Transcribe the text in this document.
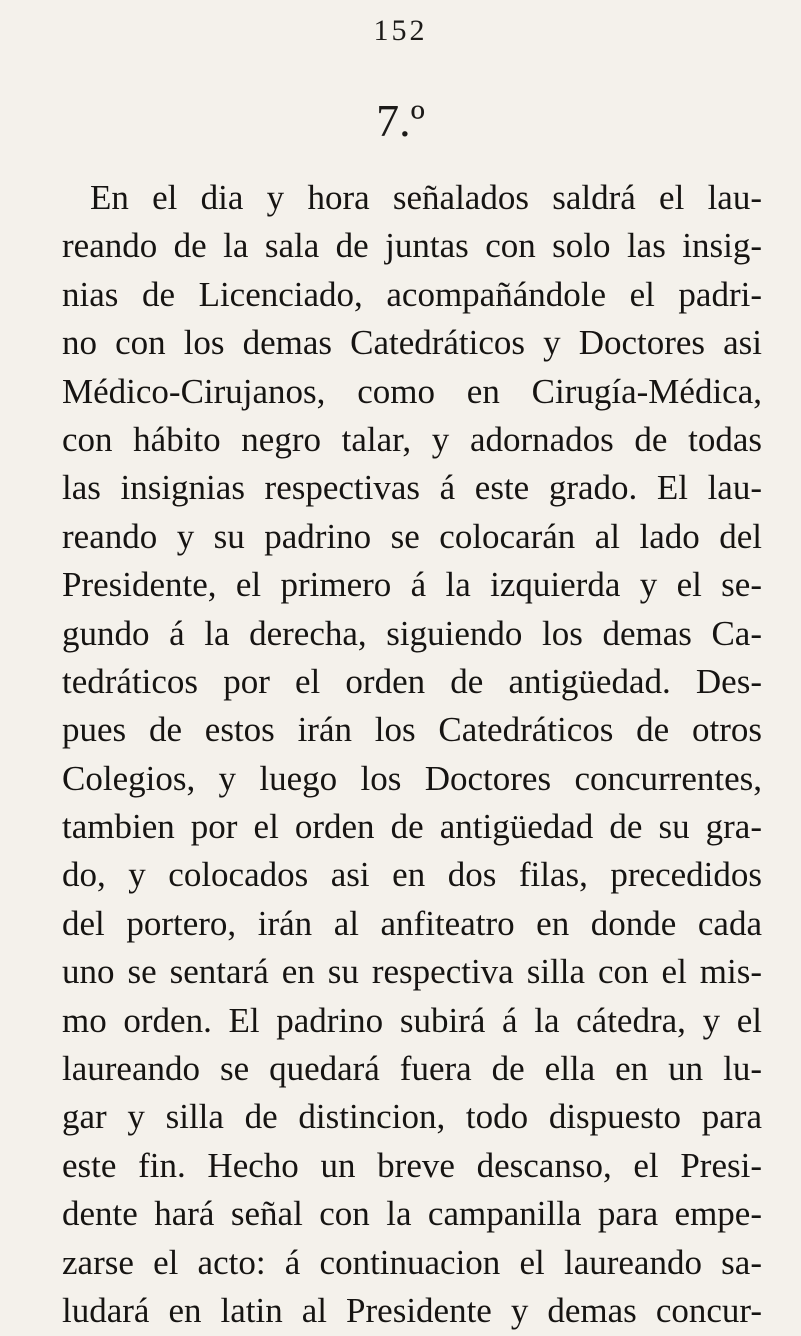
152
7.º
En el dia y hora señalados saldrá el lau-
reando de la sala de juntas con solo las insig-
nias de Licenciado, acompañándole el padri-
no con los demas Catedráticos y Doctores asi
Médico-Cirujanos, como en Cirugía-Médica,
con hábito negro talar, y adornados de todas
las insignias respectivas á este grado. El lau-
reando y su padrino se colocarán al lado del
Presidente, el primero á la izquierda y el se-
gundo á la derecha, siguiendo los demas Ca-
tedráticos por el orden de antigüedad. Des-
pues de estos irán los Catedráticos de otros
Colegios, y luego los Doctores concurrentes,
tambien por el orden de antigüedad de su gra-
do, y colocados asi en dos filas, precedidos
del portero, irán al anfiteatro en donde cada
uno se sentará en su respectiva silla con el mis-
mo orden. El padrino subirá á la cátedra, y el
laureando se quedará fuera de ella en un lu-
gar y silla de distincion, todo dispuesto para
este fin. Hecho un breve descanso, el Presi-
dente hará señal con la campanilla para empe-
zarse el acto: á continuacion el laureando sa-
ludará en latin al Presidente y demas concur-
